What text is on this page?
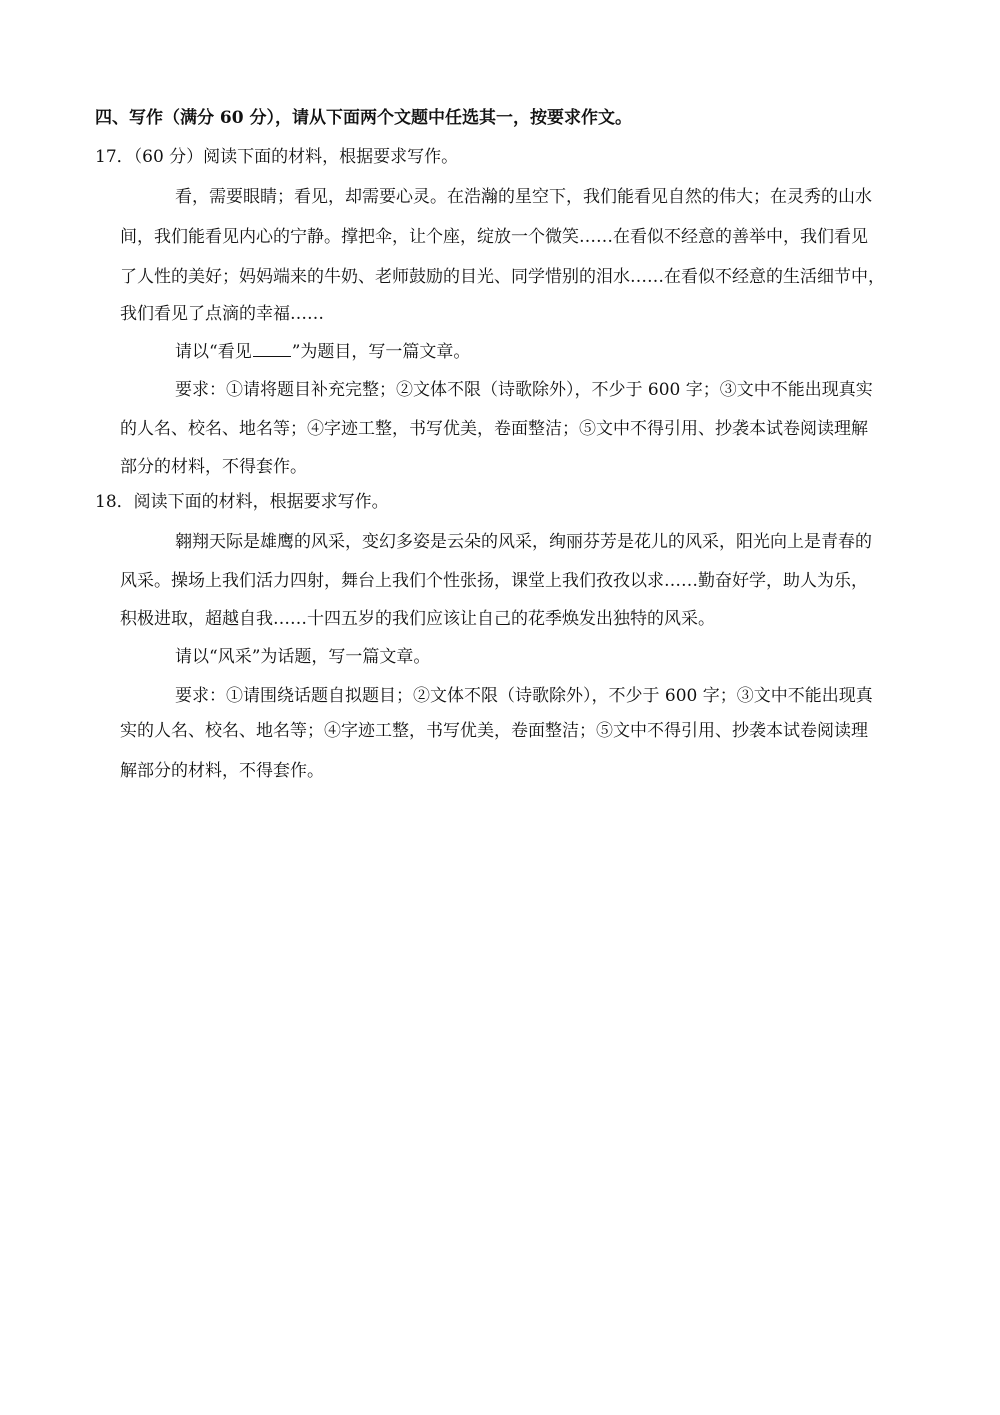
四、写作（满分 60 分），请从下面两个文题中任选其一，按要求作文。
17．（60 分）阅读下面的材料，根据要求写作。
看，需要眼睛；看见，却需要心灵。在浩瀚的星空下，我们能看见自然的伟大；在灵秀的山水
间，我们能看见内心的宁静。撑把伞，让个座，绽放一个微笑……在看似不经意的善举中，我们看见
了人性的美好；妈妈端来的牛奶、老师鼓励的目光、同学惜别的泪水……在看似不经意的生活细节中，
我们看见了点滴的幸福……
请以“看见 ”为题目，写一篇文章。
要求：①请将题目补充完整；②文体不限（诗歌除外），不少于 600 字；③文中不能出现真实
的人名、校名、地名等；④字迹工整，书写优美，卷面整洁；⑤文中不得引用、抄袭本试卷阅读理解
部分的材料，不得套作。
18．阅读下面的材料，根据要求写作。
翱翔天际是雄鹰的风采，变幻多姿是云朵的风采，绚丽芬芳是花儿的风采，阳光向上是青春的
风采。操场上我们活力四射，舞台上我们个性张扬，课堂上我们孜孜以求……勤奋好学，助人为乐，
积极进取，超越自我……十四五岁的我们应该让自己的花季焕发出独特的风采。
请以“风采”为话题，写一篇文章。
要求：①请围绕话题自拟题目；②文体不限（诗歌除外），不少于 600 字；③文中不能出现真
实的人名、校名、地名等；④字迹工整，书写优美，卷面整洁；⑤文中不得引用、抄袭本试卷阅读理
解部分的材料，不得套作。
